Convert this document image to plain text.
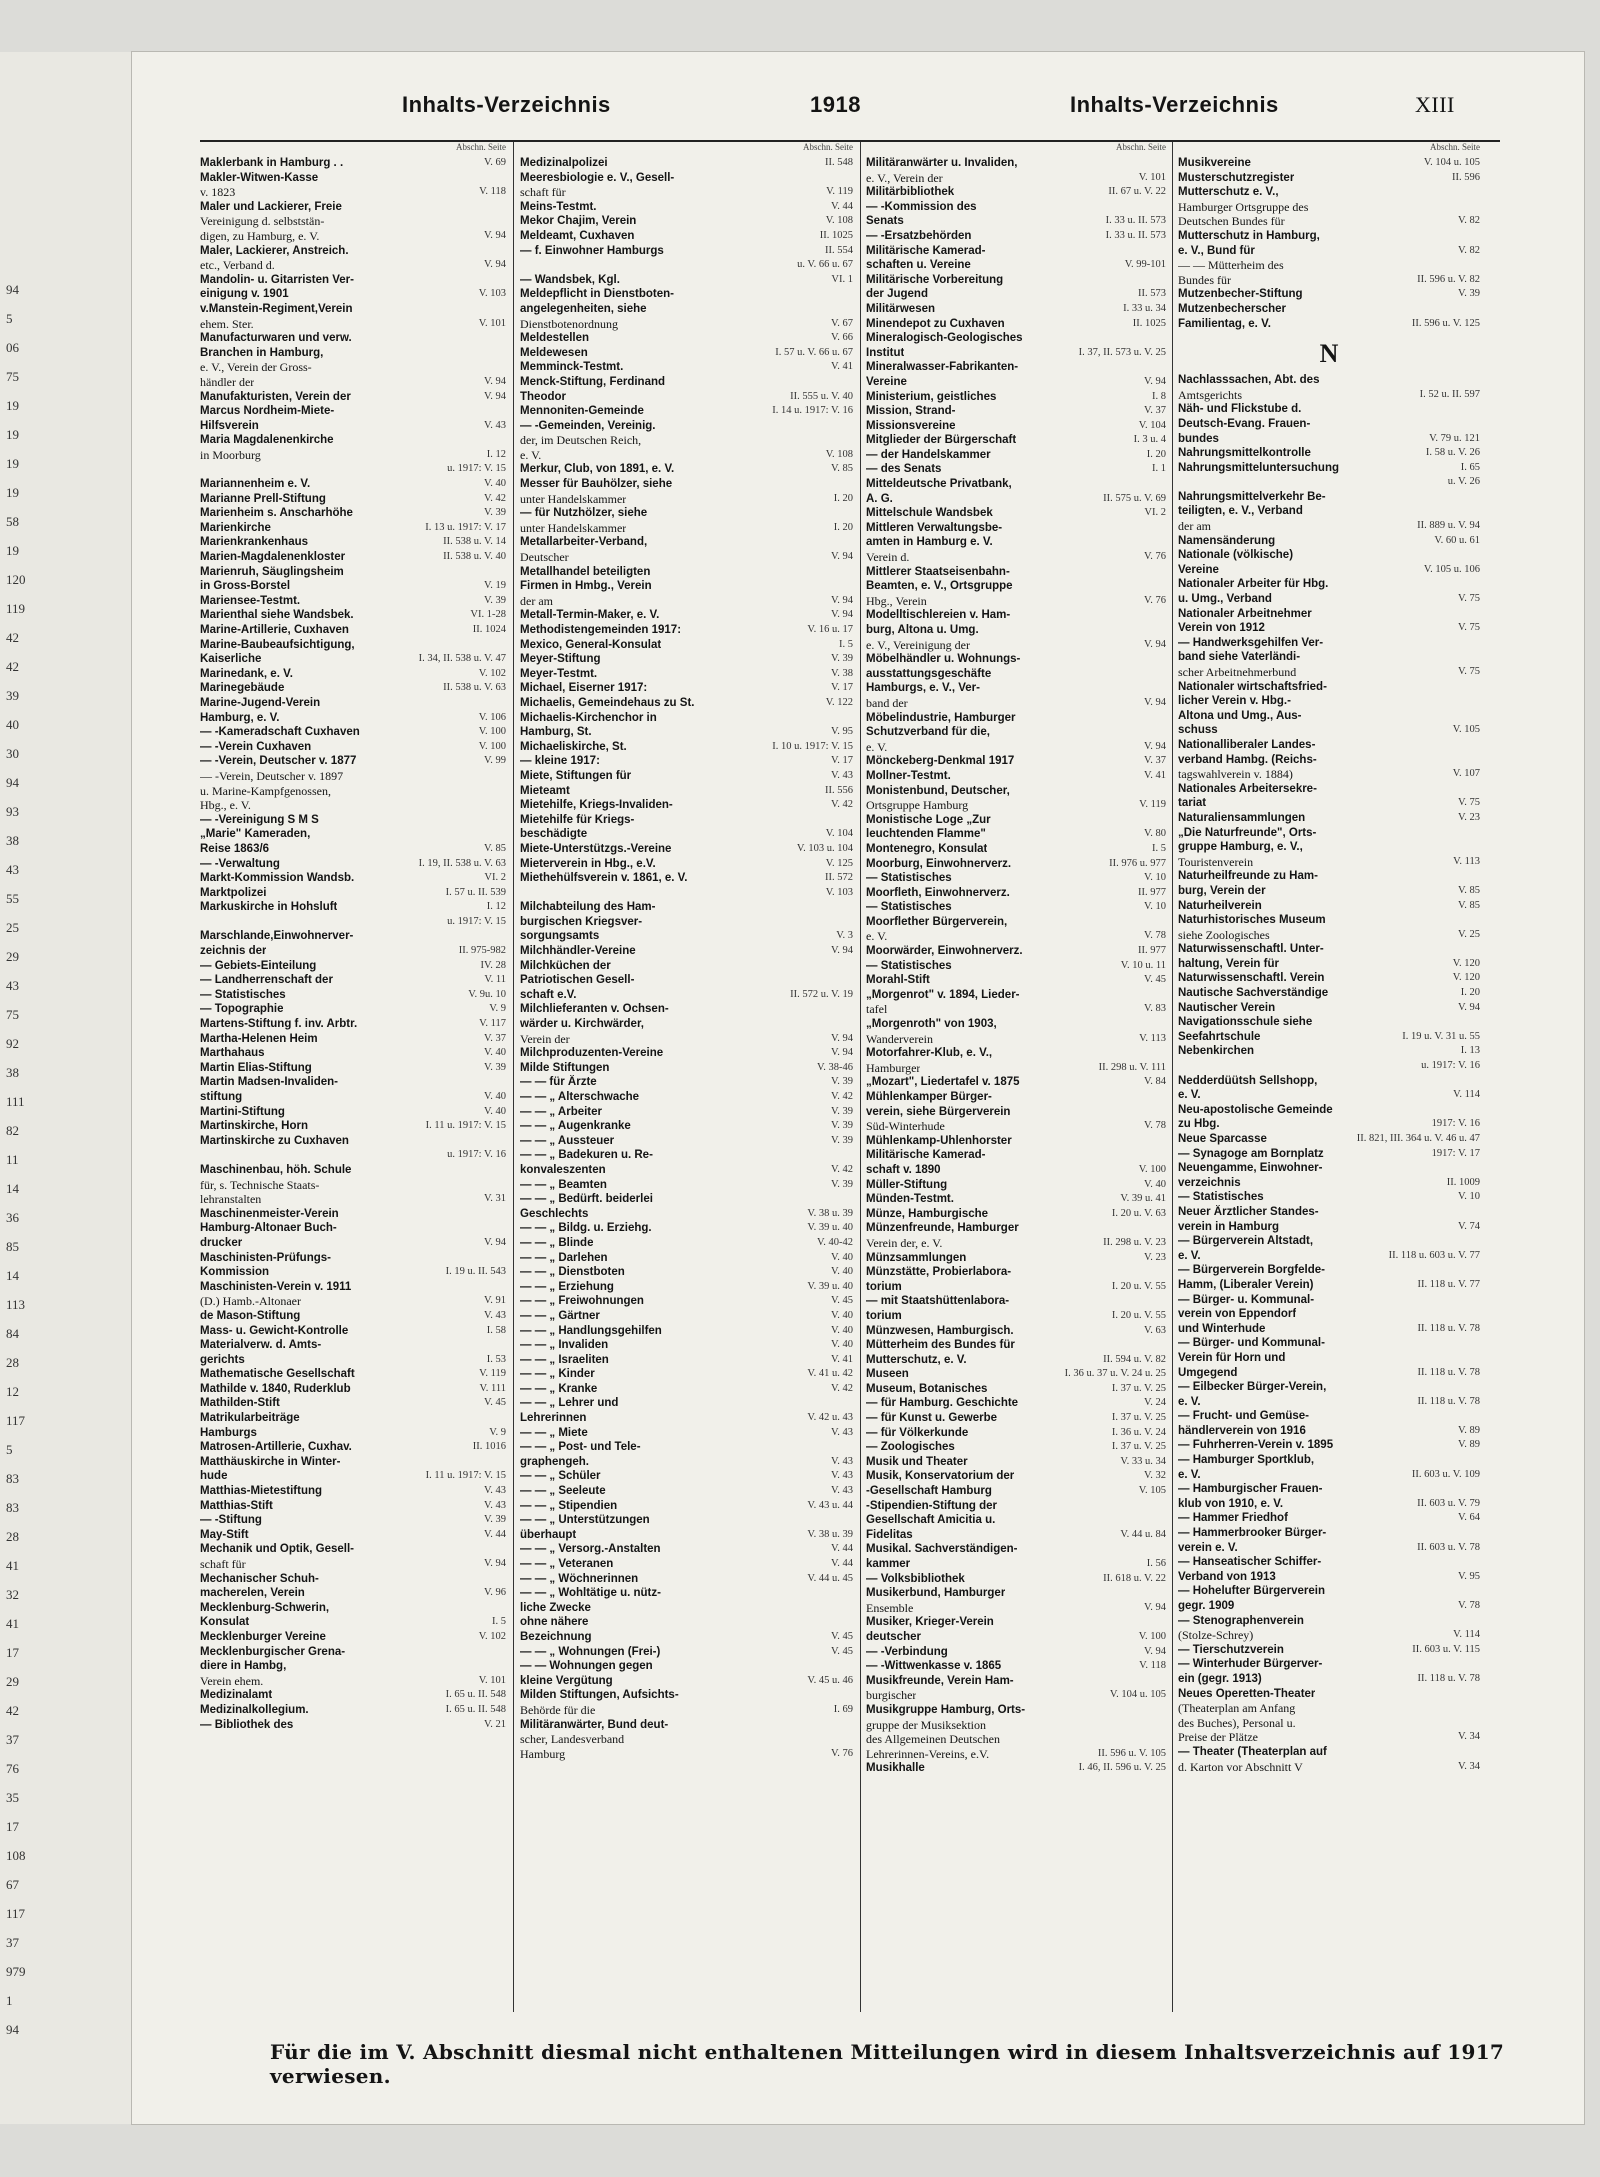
94
5
06
75
19
19
19
19
58
19
120
119
42
42
39
40
30
94
93
38
43
55
25
29
43
75
92
38
111
82
11
14
36
85
14
113
84
28
12
117
5
83
83
28
41
32
41
17
29
42
37
76
35
17
108
67
117
37
979
1
94
Inhalts-Verzeichnis	1918	Inhalts-Verzeichnis	XIII
Abschn. Seite
Maklerbank in Hamburg . .	V. 69
Makler-Witwen-Kasse
v. 1823	V. 118
Maler und Lackierer, Freie
Vereinigung d. selbststän-
digen, zu Hamburg, e. V.	V. 94
Maler, Lackierer, Anstreich.
etc., Verband d.	V. 94
Mandolin- u. Gitarristen Ver-
einigung v. 1901	V. 103
v.Manstein-Regiment,Verein
ehem. Ster.	V. 101
Manufacturwaren und verw.
Branchen in Hamburg,
e. V., Verein der Gross-
händler der	V. 94
Manufakturisten, Verein der	V. 94
Marcus Nordheim-Miete-
Hilfsverein	V. 43
Maria Magdalenenkirche
in Moorburg	I. 12
u. 1917: V. 15
Mariannenheim e. V.	V. 40
Marianne Prell-Stiftung	V. 42
Marienheim s. Anscharhöhe	V. 39
Marienkirche	I. 13 u. 1917: V. 17
Marienkrankenhaus	II. 538 u. V. 14
Marien-Magdalenenkloster	II. 538 u. V. 40
Marienruh, Säuglingsheim
in Gross-Borstel	V. 19
Mariensee-Testmt.	V. 39
Marienthal siehe Wandsbek.	VI. 1-28
Marine-Artillerie, Cuxhaven	II. 1024
Marine-Baubeaufsichtigung,
Kaiserliche	I. 34, II. 538 u. V. 47
Marinedank, e. V.	V. 102
Marinegebäude	II. 538 u. V. 63
Marine-Jugend-Verein
Hamburg, e. V.	V. 106
— -Kameradschaft Cuxhaven	V. 100
— -Verein Cuxhaven	V. 100
— -Verein, Deutscher v. 1877	V. 99
— -Verein, Deutscher v. 1897
u. Marine-Kampfgenossen,
Hbg., e. V.
— -Vereinigung S M S
„Marie" Kameraden,
Reise 1863/6	V. 85
— -Verwaltung	I. 19, II. 538 u. V. 63
Markt-Kommission Wandsb.	VI. 2
Marktpolizei	I. 57 u. II. 539
Markuskirche in Hohsluft	I. 12
u. 1917: V. 15
Marschlande,Einwohnerver-
zeichnis der	II. 975-982
— Gebiets-Einteilung	IV. 28
— Landherrenschaft der	V. 11
— Statistisches	V. 9u. 10
— Topographie	V. 9
Martens-Stiftung f. inv. Arbtr.	V. 117
Martha-Helenen Heim	V. 37
Marthahaus	V. 40
Martin Elias-Stiftung	V. 39
Martin Madsen-Invaliden-
stiftung	V. 40
Martini-Stiftung	V. 40
Martinskirche, Horn	I. 11 u. 1917: V. 15
Martinskirche zu Cuxhaven
u. 1917: V. 16
Maschinenbau, höh. Schule
für, s. Technische Staats-
lehranstalten	V. 31
Maschinenmeister-Verein
Hamburg-Altonaer Buch-
drucker	V. 94
Maschinisten-Prüfungs-
Kommission	I. 19 u. II. 543
Maschinisten-Verein v. 1911
(D.) Hamb.-Altonaer	V. 91
de Mason-Stiftung	V. 43
Mass- u. Gewicht-Kontrolle	I. 58
Materialverw. d. Amts-
gerichts	I. 53
Mathematische Gesellschaft	V. 119
Mathilde v. 1840, Ruderklub	V. 111
Mathilden-Stift	V. 45
Matrikularbeiträge
Hamburgs	V. 9
Matrosen-Artillerie, Cuxhav.	II. 1016
Matthäuskirche in Winter-
hude	I. 11 u. 1917: V. 15
Matthias-Mietestiftung	V. 43
Matthias-Stift	V. 43
— -Stiftung	V. 39
May-Stift	V. 44
Mechanik und Optik, Gesell-
schaft für	V. 94
Mechanischer Schuh-
macherelen, Verein	V. 96
Mecklenburg-Schwerin,
Konsulat	I. 5
Mecklenburger Vereine	V. 102
Mecklenburgischer Grena-
diere in Hambg,
Verein ehem.	V. 101
Medizinalamt	I. 65 u. II. 548
Medizinalkollegium.	I. 65 u. II. 548
— Bibliothek des	V. 21
Abschn. Seite
Medizinalpolizei	II. 548
Meeresbiologie e. V., Gesell-
schaft für	V. 119
Meins-Testmt.	V. 44
Mekor Chajim, Verein	V. 108
Meldeamt, Cuxhaven	II. 1025
— f. Einwohner Hamburgs	II. 554
u. V. 66 u. 67
— Wandsbek, Kgl.	VI. 1
Meldepflicht in Dienstboten-
angelegenheiten, siehe
Dienstbotenordnung	V. 67
Meldestellen	V. 66
Meldewesen	I. 57 u. V. 66 u. 67
Memminck-Testmt.	V. 41
Menck-Stiftung, Ferdinand
Theodor	II. 555 u. V. 40
Mennoniten-Gemeinde	I. 14 u. 1917: V. 16
— -Gemeinden, Vereinig.
der, im Deutschen Reich,
e. V.	V. 108
Merkur, Club, von 1891, e. V.	V. 85
Messer für Bauhölzer, siehe
unter Handelskammer	I. 20
— für Nutzhölzer, siehe
unter Handelskammer	I. 20
Metallarbeiter-Verband,
Deutscher	V. 94
Metallhandel beteiligten
Firmen in Hmbg., Verein
der am	V. 94
Metall-Termin-Maker, e. V.	V. 94
Methodistengemeinden 1917:	V. 16 u. 17
Mexico, General-Konsulat	I. 5
Meyer-Stiftung	V. 39
Meyer-Testmt.	V. 38
Michael, Eiserner 1917:	V. 17
Michaelis, Gemeindehaus zu St.	V. 122
Michaelis-Kirchenchor in
Hamburg, St.	V. 95
Michaeliskirche, St.	I. 10 u. 1917: V. 15
— kleine 1917:	V. 17
Miete, Stiftungen für	V. 43
Mieteamt	II. 556
Mietehilfe, Kriegs-Invaliden-	V. 42
Mietehilfe für Kriegs-
beschädigte	V. 104
Miete-Unterstützgs.-Vereine	V. 103 u. 104
Mieterverein in Hbg., e.V.	V. 125
Miethehülfsverein v. 1861, e. V.	II. 572
V. 103
Milchabteilung des Ham-
burgischen Kriegsver-
sorgungsamts	V. 3
Milchhändler-Vereine	V. 94
Milchküchen der
Patriotischen Gesell-
schaft e.V.	II. 572 u. V. 19
Milchlieferanten v. Ochsen-
wärder u. Kirchwärder,
Verein der	V. 94
Milchproduzenten-Vereine	V. 94
Milde Stiftungen	V. 38-46
— — für Ärzte	V. 39
— — „ Alterschwache	V. 42
— — „ Arbeiter	V. 39
— — „ Augenkranke	V. 39
— — „ Aussteuer	V. 39
— — „ Badekuren u. Re-
konvaleszenten	V. 42
— — „ Beamten	V. 39
— — „ Bedürft. beiderlei
Geschlechts	V. 38 u. 39
— — „ Bildg. u. Erziehg.	V. 39 u. 40
— — „ Blinde	V. 40-42
— — „ Darlehen	V. 40
— — „ Dienstboten	V. 40
— — „ Erziehung	V. 39 u. 40
— — „ Freiwohnungen	V. 45
— — „ Gärtner	V. 40
— — „ Handlungsgehilfen	V. 40
— — „ Invaliden	V. 40
— — „ Israeliten	V. 41
— — „ Kinder	V. 41 u. 42
— — „ Kranke	V. 42
— — „ Lehrer und
Lehrerinnen	V. 42 u. 43
— — „ Miete	V. 43
— — „ Post- und Tele-
graphengeh.	V. 43
— — „ Schüler	V. 43
— — „ Seeleute	V. 43
— — „ Stipendien	V. 43 u. 44
— — „ Unterstützungen
überhaupt	V. 38 u. 39
— — „ Versorg.-Anstalten	V. 44
— — „ Veteranen	V. 44
— — „ Wöchnerinnen	V. 44 u. 45
— — „ Wohltätige u. nütz-
liche Zwecke
ohne nähere
Bezeichnung	V. 45
— — „ Wohnungen (Frei-)	V. 45
— — Wohnungen gegen
kleine Vergütung	V. 45 u. 46
Milden Stiftungen, Aufsichts-
Behörde für die	I. 69
Militäranwärter, Bund deut-
scher, Landesverband
Hamburg	V. 76
Abschn. Seite
Militäranwärter u. Invaliden,
e. V., Verein der	V. 101
Militärbibliothek	II. 67 u. V. 22
— -Kommission des
Senats	I. 33 u. II. 573
— -Ersatzbehörden	I. 33 u. II. 573
Militärische Kamerad-
schaften u. Vereine	V. 99-101
Militärische Vorbereitung
der Jugend	II. 573
Militärwesen	I. 33 u. 34
Minendepot zu Cuxhaven	II. 1025
Mineralogisch-Geologisches
Institut	I. 37, II. 573 u. V. 25
Mineralwasser-Fabrikanten-
Vereine	V. 94
Ministerium, geistliches	I. 8
Mission, Strand-	V. 37
Missionsvereine	V. 104
Mitglieder der Bürgerschaft	I. 3 u. 4
— der Handelskammer	I. 20
— des Senats	I. 1
Mitteldeutsche Privatbank,
A. G.	II. 575 u. V. 69
Mittelschule Wandsbek	VI. 2
Mittleren Verwaltungsbe-
amten in Hamburg e. V.
Verein d.	V. 76
Mittlerer Staatseisenbahn-
Beamten, e. V., Ortsgruppe
Hbg., Verein	V. 76
Modelltischlereien v. Ham-
burg, Altona u. Umg.
e. V., Vereinigung der	V. 94
Möbelhändler u. Wohnungs-
ausstattungsgeschäfte
Hamburgs, e. V., Ver-
band der	V. 94
Möbelindustrie, Hamburger
Schutzverband für die,
e. V.	V. 94
Mönckeberg-Denkmal 1917	V. 37
Mollner-Testmt.	V. 41
Monistenbund, Deutscher,
Ortsgruppe Hamburg	V. 119
Monistische Loge „Zur
leuchtenden Flamme"	V. 80
Montenegro, Konsulat	I. 5
Moorburg, Einwohnerverz.	II. 976 u. 977
— Statistisches	V. 10
Moorfleth, Einwohnerverz.	II. 977
— Statistisches	V. 10
Moorflether Bürgerverein,
e. V.	V. 78
Moorwärder, Einwohnerverz.	II. 977
— Statistisches	V. 10 u. 11
Morahl-Stift	V. 45
„Morgenrot" v. 1894, Lieder-
tafel	V. 83
„Morgenroth" von 1903,
Wanderverein	V. 113
Motorfahrer-Klub, e. V.,
Hamburger	II. 298 u. V. 111
„Mozart", Liedertafel v. 1875	V. 84
Mühlenkamper Bürger-
verein, siehe Bürgerverein
Süd-Winterhude	V. 78
Mühlenkamp-Uhlenhorster
Militärische Kamerad-
schaft v. 1890	V. 100
Müller-Stiftung	V. 40
Münden-Testmt.	V. 39 u. 41
Münze, Hamburgische	I. 20 u. V. 63
Münzenfreunde, Hamburger
Verein der, e. V.	II. 298 u. V. 23
Münzsammlungen	V. 23
Münzstätte, Probierlabora-
torium	I. 20 u. V. 55
— mit Staatshüttenlabora-
torium	I. 20 u. V. 55
Münzwesen, Hamburgisch.	V. 63
Mütterheim des Bundes für
Mutterschutz, e. V.	II. 594 u. V. 82
Museen	I. 36 u. 37 u. V. 24 u. 25
Museum, Botanisches	I. 37 u. V. 25
— für Hamburg. Geschichte	V. 24
— für Kunst u. Gewerbe	I. 37 u. V. 25
— für Völkerkunde	I. 36 u. V. 24
— Zoologisches	I. 37 u. V. 25
Musik und Theater	V. 33 u. 34
Musik, Konservatorium der	V. 32
-Gesellschaft Hamburg	V. 105
-Stipendien-Stiftung der
Gesellschaft Amicitia u.
Fidelitas	V. 44 u. 84
Musikal. Sachverständigen-
kammer	I. 56
— Volksbibliothek	II. 618 u. V. 22
Musikerbund, Hamburger
Ensemble	V. 94
Musiker, Krieger-Verein
deutscher	V. 100
— -Verbindung	V. 94
— -Wittwenkasse v. 1865	V. 118
Musikfreunde, Verein Ham-
burgischer	V. 104 u. 105
Musikgruppe Hamburg, Orts-
gruppe der Musiksektion
des Allgemeinen Deutschen
Lehrerinnen-Vereins, e.V.	II. 596 u. V. 105
Musikhalle	I. 46, II. 596 u. V. 25
Abschn. Seite
Musikvereine	V. 104 u. 105
Musterschutzregister	II. 596
Mutterschutz e. V.,
Hamburger Ortsgruppe des
Deutschen Bundes für	V. 82
Mutterschutz in Hamburg,
e. V., Bund für	V. 82
— — Mütterheim des
Bundes für	II. 596 u. V. 82
Mutzenbecher-Stiftung	V. 39
Mutzenbecherscher
Familientag, e. V.	II. 596 u. V. 125
N
Nachlasssachen, Abt. des
Amtsgerichts	I. 52 u. II. 597
Näh- und Flickstube d.
Deutsch-Evang. Frauen-
bundes	V. 79 u. 121
Nahrungsmittelkontrolle	I. 58 u. V. 26
Nahrungsmitteluntersuchung	I. 65
u. V. 26
Nahrungsmittelverkehr Be-
teiligten, e. V., Verband
der am	II. 889 u. V. 94
Namensänderung	V. 60 u. 61
Nationale (völkische)
Vereine	V. 105 u. 106
Nationaler Arbeiter für Hbg.
u. Umg., Verband	V. 75
Nationaler Arbeitnehmer
Verein von 1912	V. 75
— Handwerksgehilfen Ver-
band siehe Vaterländi-
scher Arbeitnehmerbund	V. 75
Nationaler wirtschaftsfried-
licher Verein v. Hbg.-
Altona und Umg., Aus-
schuss	V. 105
Nationalliberaler Landes-
verband Hambg. (Reichs-
tagswahlverein v. 1884)	V. 107
Nationales Arbeitersekre-
tariat	V. 75
Naturaliensammlungen	V. 23
„Die Naturfreunde", Orts-
gruppe Hamburg, e. V.,
Touristenverein	V. 113
Naturheilfreunde zu Ham-
burg, Verein der	V. 85
Naturheilverein	V. 85
Naturhistorisches Museum
siehe Zoologisches	V. 25
Naturwissenschaftl. Unter-
haltung, Verein für	V. 120
Naturwissenschaftl. Verein	V. 120
Nautische Sachverständige	I. 20
Nautischer Verein	V. 94
Navigationsschule siehe
Seefahrtschule	I. 19 u. V. 31 u. 55
Nebenkirchen	I. 13
u. 1917: V. 16
Nedderdüütsh Sellshopp,
e. V.	V. 114
Neu-apostolische Gemeinde
zu Hbg.	1917: V. 16
Neue Sparcasse	II. 821, III. 364 u. V. 46 u. 47
— Synagoge am Bornplatz	1917: V. 17
Neuengamme, Einwohner-
verzeichnis	II. 1009
— Statistisches	V. 10
Neuer Ärztlicher Standes-
verein in Hamburg	V. 74
— Bürgerverein Altstadt,
e. V.	II. 118 u. 603 u. V. 77
— Bürgerverein Borgfelde-
Hamm, (Liberaler Verein)	II. 118 u. V. 77
— Bürger- u. Kommunal-
verein von Eppendorf
und Winterhude	II. 118 u. V. 78
— Bürger- und Kommunal-
Verein für Horn und
Umgegend	II. 118 u. V. 78
— Eilbecker Bürger-Verein,
e. V.	II. 118 u. V. 78
— Frucht- und Gemüse-
händlerverein von 1916	V. 89
— Fuhrherren-Verein v. 1895	V. 89
— Hamburger Sportklub,
e. V.	II. 603 u. V. 109
— Hamburgischer Frauen-
klub von 1910, e. V.	II. 603 u. V. 79
— Hammer Friedhof	V. 64
— Hammerbrooker Bürger-
verein e. V.	II. 603 u. V. 78
— Hanseatischer Schiffer-
Verband von 1913	V. 95
— Hohelufter Bürgerverein
gegr. 1909	V. 78
— Stenographenverein
(Stolze-Schrey)	V. 114
— Tierschutzverein	II. 603 u. V. 115
— Winterhuder Bürgerver-
ein (gegr. 1913)	II. 118 u. V. 78
Neues Operetten-Theater
(Theaterplan am Anfang
des Buches), Personal u.
Preise der Plätze	V. 34
— Theater (Theaterplan auf
d. Karton vor Abschnitt V	V. 34
Für die im V. Abschnitt diesmal nicht enthaltenen Mitteilungen wird in diesem Inhaltsverzeichnis auf 1917 verwiesen.
